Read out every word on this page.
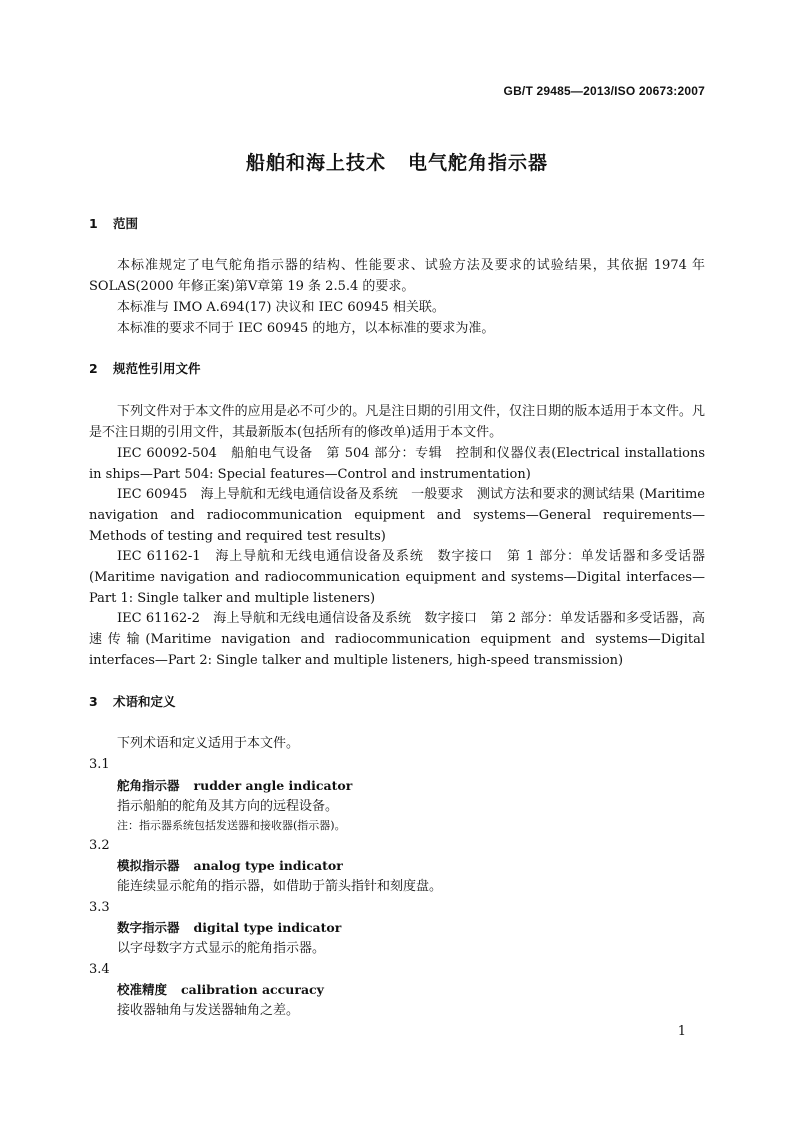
GB/T 29485—2013/ISO 20673:2007
船舶和海上技术 电气舵角指示器
1 范围
本标准规定了电气舵角指示器的结构、性能要求、试验方法及要求的试验结果，其依据 1974 年 SOLAS(2000 年修正案)第Ⅴ章第 19 条 2.5.4 的要求。
本标准与 IMO A.694(17) 决议和 IEC 60945 相关联。
本标准的要求不同于 IEC 60945 的地方，以本标准的要求为准。
2 规范性引用文件
下列文件对于本文件的应用是必不可少的。凡是注日期的引用文件，仅注日期的版本适用于本文件。凡是不注日期的引用文件，其最新版本(包括所有的修改单)适用于本文件。
IEC 60092-504　船舶电气设备　第 504 部分：专辑　控制和仪器仪表(Electrical installations in ships—Part 504: Special features—Control and instrumentation)
IEC 60945　海上导航和无线电通信设备及系统　一般要求　测试方法和要求的测试结果 (Maritime navigation and radiocommunication equipment and systems—General requirements—Methods of testing and required test results)
IEC 61162-1　海上导航和无线电通信设备及系统　数字接口　第 1 部分：单发话器和多受话器 (Maritime navigation and radiocommunication equipment and systems—Digital interfaces—Part 1: Single talker and multiple listeners)
IEC 61162-2　海上导航和无线电通信设备及系统　数字接口　第 2 部分：单发话器和多受话器，高速传输(Maritime navigation and radiocommunication equipment and systems—Digital interfaces—Part 2: Single talker and multiple listeners, high-speed transmission)
3 术语和定义
下列术语和定义适用于本文件。
3.1
舵角指示器 rudder angle indicator
指示船舶的舵角及其方向的远程设备。
注：指示器系统包括发送器和接收器(指示器)。
3.2
模拟指示器 analog type indicator
能连续显示舵角的指示器，如借助于箭头指针和刻度盘。
3.3
数字指示器 digital type indicator
以字母数字方式显示的舵角指示器。
3.4
校准精度 calibration accuracy
接收器轴角与发送器轴角之差。
1
